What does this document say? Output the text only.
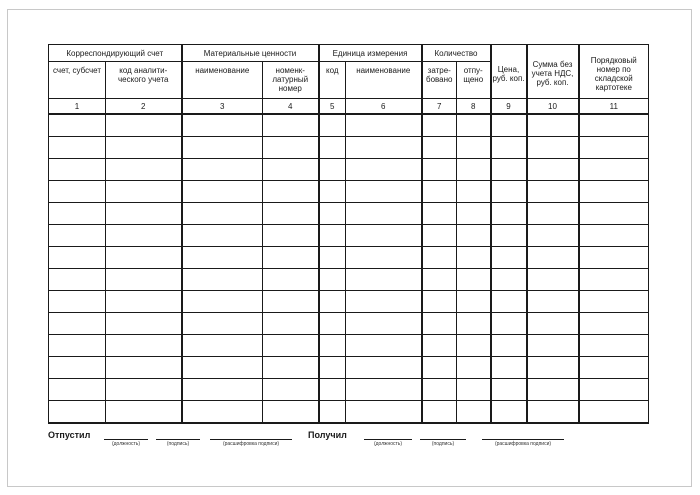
Корреспондирующий счет		Материальные ценности		Единица измерения		Количество		Цена, руб. коп.	Сумма без учета НДС, руб. коп.	Порядковый номер по складской картотеке
счет, субсчет	код аналити-ческого учета	наименование	номенк-латурный номер	код	наименование	затре-бовано	отпу-щено			
1	2	3	4	5	6	7	8	9	10	11

Отпустил
(должность)	(подпись)	(расшифровка подписи)
Получил
(должность)	(подпись)	(расшифровка подписи)
